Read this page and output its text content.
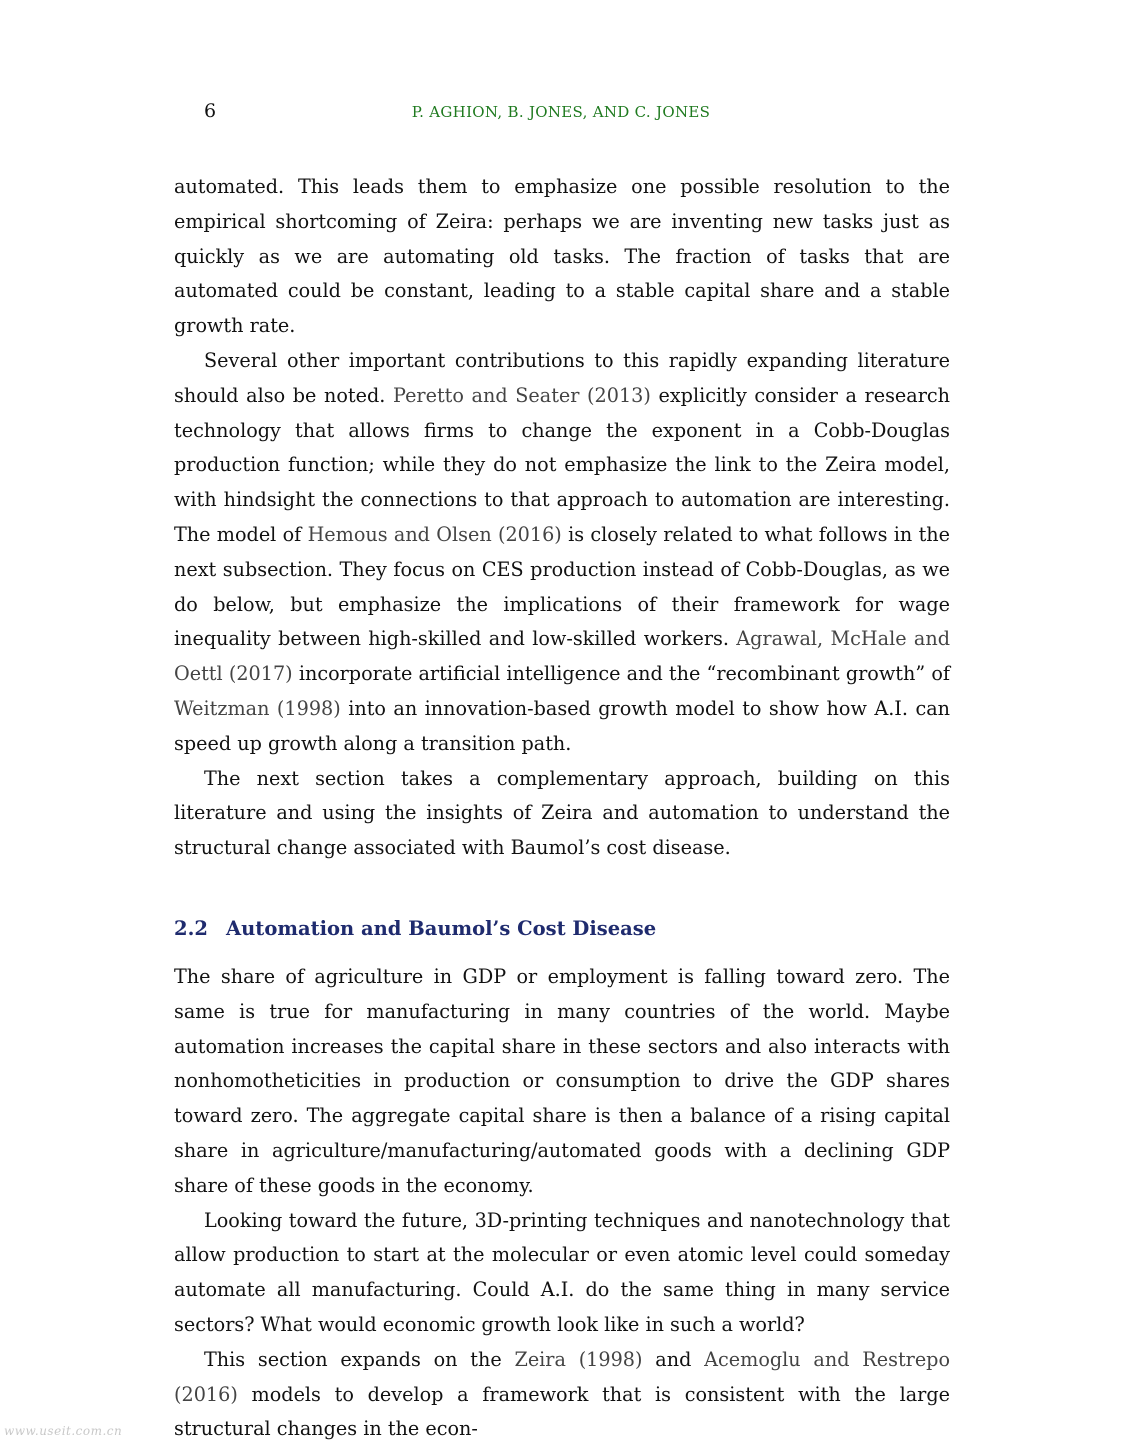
6	P. AGHION, B. JONES, AND C. JONES

automated. This leads them to emphasize one possible resolution to the empirical shortcoming of Zeira: perhaps we are inventing new tasks just as quickly as we are automating old tasks. The fraction of tasks that are automated could be constant, leading to a stable capital share and a stable growth rate.

Several other important contributions to this rapidly expanding literature should also be noted. Peretto and Seater (2013) explicitly consider a research technology that allows firms to change the exponent in a Cobb-Douglas production function; while they do not emphasize the link to the Zeira model, with hindsight the connections to that approach to automation are interesting. The model of Hemous and Olsen (2016) is closely related to what follows in the next subsection. They focus on CES production instead of Cobb-Douglas, as we do below, but emphasize the implications of their framework for wage inequality between high-skilled and low-skilled workers. Agrawal, McHale and Oettl (2017) incorporate artificial intelligence and the “recombinant growth” of Weitzman (1998) into an innovation-based growth model to show how A.I. can speed up growth along a transition path.

The next section takes a complementary approach, building on this literature and using the insights of Zeira and automation to understand the structural change associated with Baumol’s cost disease.

2.2 Automation and Baumol’s Cost Disease

The share of agriculture in GDP or employment is falling toward zero. The same is true for manufacturing in many countries of the world. Maybe automation increases the capital share in these sectors and also interacts with nonhomotheticities in production or consumption to drive the GDP shares toward zero. The aggregate capital share is then a balance of a rising capital share in agriculture/manufacturing/automated goods with a declining GDP share of these goods in the economy.

Looking toward the future, 3D-printing techniques and nanotechnology that allow production to start at the molecular or even atomic level could someday automate all manufacturing. Could A.I. do the same thing in many service sectors? What would economic growth look like in such a world?

This section expands on the Zeira (1998) and Acemoglu and Restrepo (2016) models to develop a framework that is consistent with the large structural changes in the econ-

www.useit.com.cn
